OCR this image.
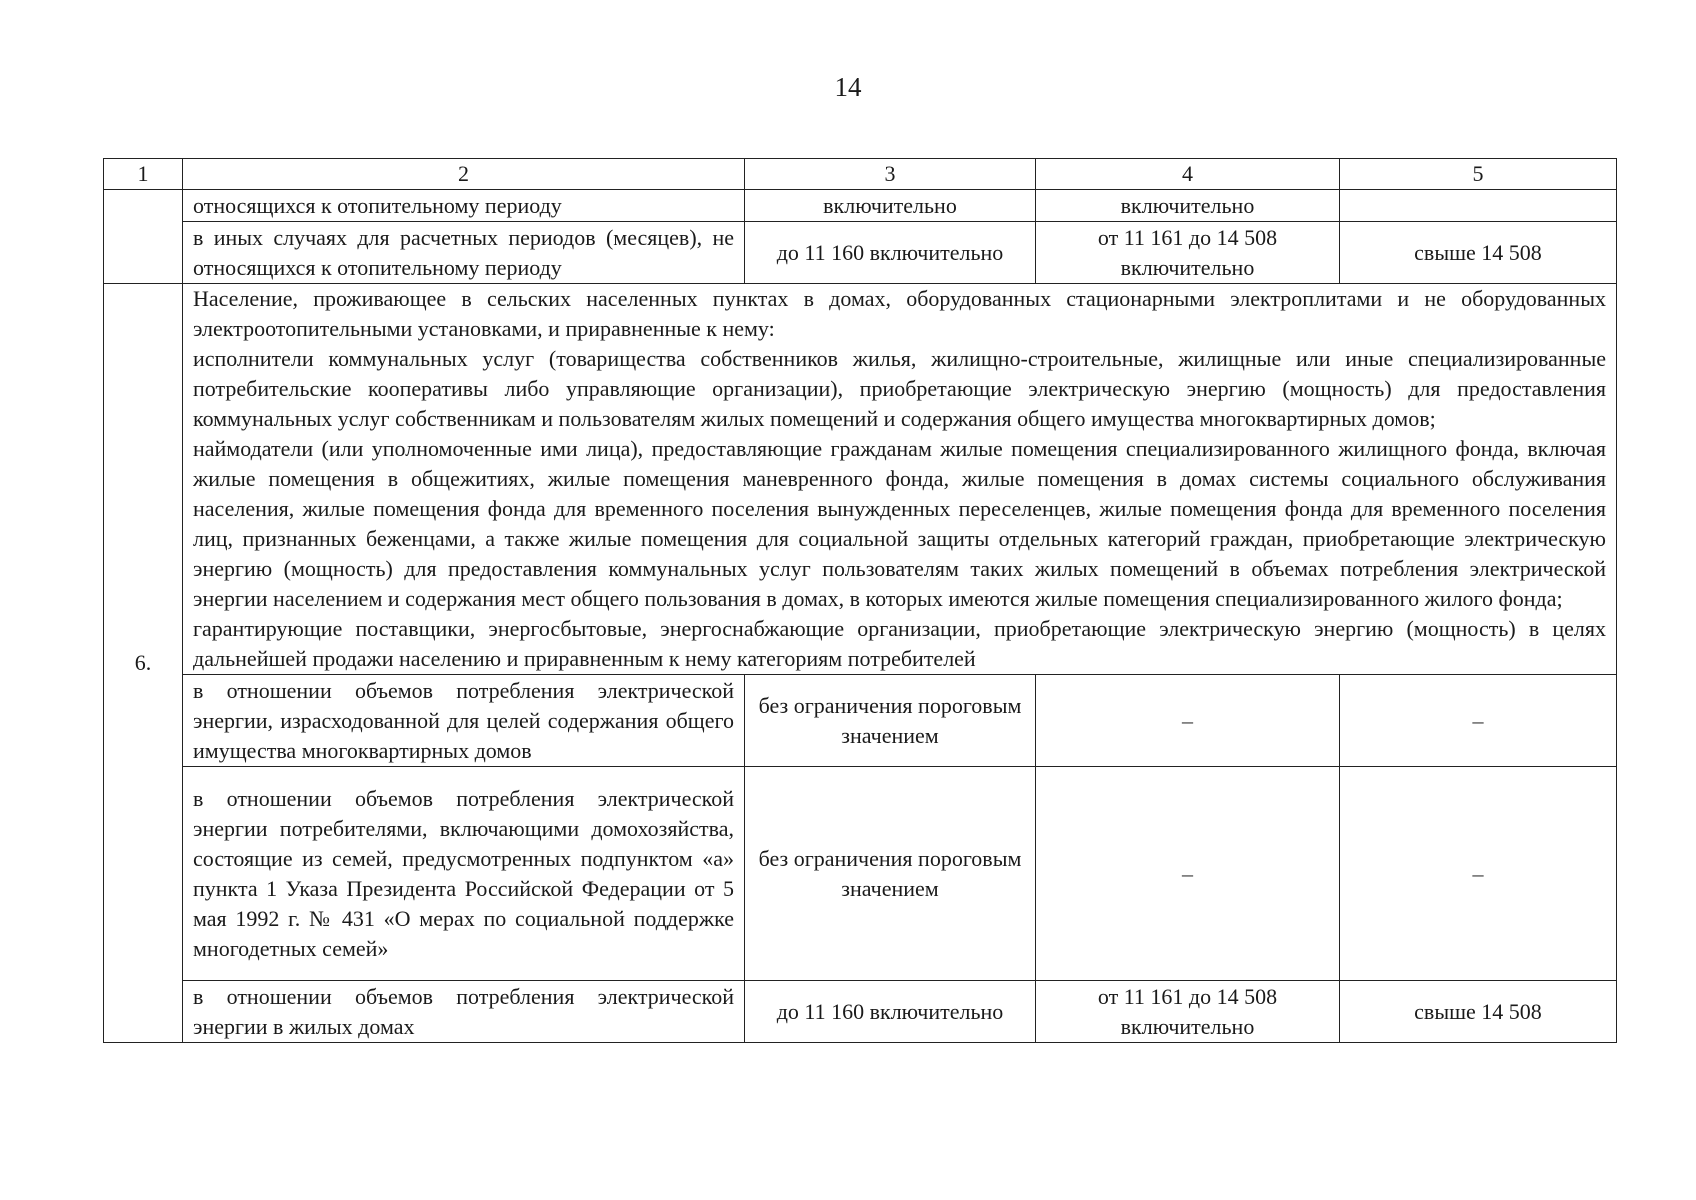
14
1	2	3	4	5
	относящихся к отопительному периоду	включительно	включительно	
	в иных случаях для расчетных периодов (месяцев), не относящихся к отопительному периоду	до 11 160 включительно	от 11 161 до 14 508 включительно	свыше 14 508
6.	Население, проживающее в сельских населенных пунктах в домах, оборудованных стационарными электроплитами и не оборудованных электроотопительными установками, и приравненные к нему:

исполнители коммунальных услуг (товарищества собственников жилья, жилищно-строительные, жилищные или иные специализированные потребительские кооперативы либо управляющие организации), приобретающие электрическую энергию (мощность) для предоставления коммунальных услуг собственникам и пользователям жилых помещений и содержания общего имущества многоквартирных домов;

наймодатели (или уполномоченные ими лица), предоставляющие гражданам жилые помещения специализированного жилищного фонда, включая жилые помещения в общежитиях, жилые помещения маневренного фонда, жилые помещения в домах системы социального обслуживания населения, жилые помещения фонда для временного поселения вынужденных переселенцев, жилые помещения фонда для временного поселения лиц, признанных беженцами, а также жилые помещения для социальной защиты отдельных категорий граждан, приобретающие электрическую энергию (мощность) для предоставления коммунальных услуг пользователям таких жилых помещений в объемах потребления электрической энергии населением и содержания мест общего пользования в домах, в которых имеются жилые помещения специализированного жилого фонда;

гарантирующие поставщики, энергосбытовые, энергоснабжающие организации, приобретающие электрическую энергию (мощность) в целях дальнейшей продажи населению и приравненным к нему категориям потребителей			

	в отношении объемов потребления электрической энергии, израсходованной для целей содержания общего имущества многоквартирных домов	без ограничения пороговым значением	–	–
	в отношении объемов потребления электрической энергии потребителями, включающими домохозяйства, состоящие из семей, предусмотренных подпунктом «а» пункта 1 Указа Президента Российской Федерации от 5 мая 1992 г. № 431 «О мерах по социальной поддержке многодетных семей»	без ограничения пороговым значением	–	–
	в отношении объемов потребления электрической энергии в жилых домах	до 11 160 включительно	от 11 161 до 14 508 включительно	свыше 14 508
